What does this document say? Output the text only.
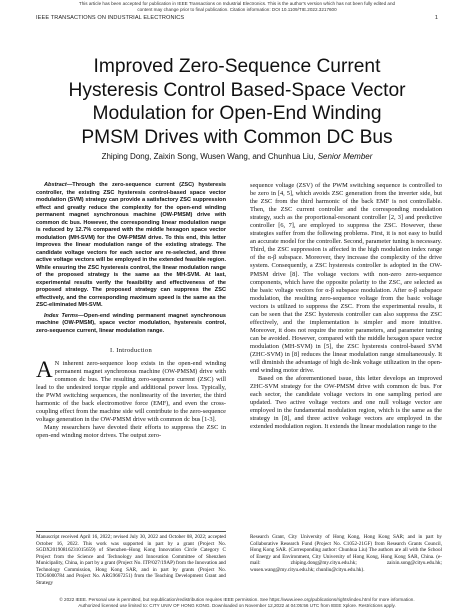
This article has been accepted for publication in IEEE Transactions on Industrial Electronics. This is the author's version which has not been fully edited and
content may change prior to final publication. Citation information: DOI 10.1109/TIE.2022.3217600
IEEE TRANSACTIONS ON INDUSTRIAL ELECTRONICS	1
Improved Zero-Sequence Current
Hysteresis Control Based-Space Vector
Modulation for Open-End Winding
PMSM Drives with Common DC Bus
Zhiping Dong, Zaixin Song, Wusen Wang, and Chunhua Liu, Senior Member

Abstract—Through the zero-sequence current (ZSC) hysteresis controller, the existing ZSC hysteresis control-based space vector modulation (SVM) strategy can provide a satisfactory ZSC suppression effect and greatly reduce the complexity for the open-end winding permanent magnet synchronous machine (OW-PMSM) drive with common dc bus. However, the corresponding linear modulation range is reduced by 12.7% compared with the middle hexagon space vector modulation (MH-SVM) for the OW-PMSM drive. To this end, this letter improves the linear modulation range of the existing strategy. The candidate voltage vectors for each sector are re-selected, and three active voltage vectors will be employed in the extended feasible region. While ensuring the ZSC hysteresis control, the linear modulation range of the proposed strategy is the same as the MH-SVM. At last, experimental results verify the feasibility and effectiveness of the proposed strategy. The proposed strategy can suppress the ZSC effectively, and the corresponding maximum speed is the same as the ZSC-eliminated MH-SVM.

Index Terms—Open-end winding permanent magnet synchronous machine (OW-PMSM), space vector modulation, hysteresis control, zero-sequence current, linear modulation range.

I. Introduction

A N inherent zero-sequence loop exists in the open-end winding permanent magnet synchronous machine (OW-PMSM) drive with common dc bus. The resulting zero-sequence current (ZSC) will lead to the undesired torque ripple and additional power loss. Typically, the PWM switching sequences, the nonlinearity of the inverter, the third harmonic of the back electromotive force (EMF), and even the cross-coupling effect from the machine side will contribute to the zero-sequence voltage generation in the OW-PMSM drive with common dc bus [1-3].

Many researchers have devoted their efforts to suppress the ZSC in open-end winding motor drives. The output zero-

sequence voltage (ZSV) of the PWM switching sequence is controlled to be zero in [4, 5], which avoids ZSC generation from the inverter side, but the ZSC from the third harmonic of the back EMF is not controllable. Then, the ZSC current controller and the corresponding modulation strategy, such as the proportional-resonant controller [2, 3] and predictive controller [6, 7], are employed to suppress the ZSC. However, these strategies suffer from the following problems. First, it is not easy to build an accurate model for the controller. Second, parameter tuning is necessary. Third, the ZSC suppression is affected in the high modulation index range of the α-β subspace. Moreover, they increase the complexity of the drive system. Consequently, a ZSC hysteresis controller is adopted in the OW-PMSM drive [8]. The voltage vectors with non-zero zero-sequence components, which have the opposite polarity to the ZSC, are selected as the basic voltage vectors for α-β subspace modulation. After α-β subspace modulation, the resulting zero-sequence voltage from the basic voltage vectors is utilized to suppress the ZSC. From the experimental results, it can be seen that the ZSC hysteresis controller can also suppress the ZSC effectively, and the implementation is simpler and more intuitive. Moreover, it does not require the motor parameters, and parameter tuning can be avoided. However, compared with the middle hexagon space vector modulation (MH-SVM) in [5], the ZSC hysteresis control-based SVM (ZHC-SVM) in [8] reduces the linear modulation range simultaneously. It will diminish the advantage of high dc-link voltage utilization in the open-end winding motor drive.

Based on the aforementioned issue, this letter develops an improved ZHC-SVM strategy for the OW-PMSM drive with common dc bus. For each sector, the candidate voltage vectors in one sampling period are updated. Two active voltage vectors and one null voltage vector are employed in the fundamental modulation region, which is the same as the strategy in [8], and three active voltage vectors are employed in the extended modulation region. It extends the linear modulation range to the

Manuscript received April 16, 2022; revised July 30, 2022 and October 08, 2022; accepted October 16, 2022. This work was supported in part by a grant (Project No. SGDX20190816231015659) of Shenzhen–Hong Kong Innovation Circle Category C Project from the Science and Technology and Innovation Committee of Shenzhen Municipality, China, in part by a grant (Project No. ITP/027/19AP) from the Innovation and Technology Commission, Hong Kong SAR, and in part by grants (Project No. TDG6000784 and Project No. ARG9667251) from the Teaching Development Grant and Strategy
Research Grant, City University of Hong Kong, Hong Kong SAR; and in part by Collaborative Research Fund (Project No. C1052-21GF) from Research Grants Council, Hong Kong SAR. (Corresponding author: Chunhua Liu) The authors are all with the School of Energy and Environment, City University of Hong Kong, Hong Kong SAR, China. (e-mail: zhiping.dong@my.cityu.edu.hk; zaixin.song@cityu.edu.hk; wusen.wang@my.cityu.edu.hk; chunliu@cityu.edu.hk).
© 2022 IEEE. Personal use is permitted, but republication/redistribution requires IEEE permission. See https://www.ieee.org/publications/rights/index.html for more information.
Authorized licensed use limited to: CITY UNIV OF HONG KONG. Downloaded on November 12,2022 at 04:05:56 UTC from IEEE Xplore. Restrictions apply.
